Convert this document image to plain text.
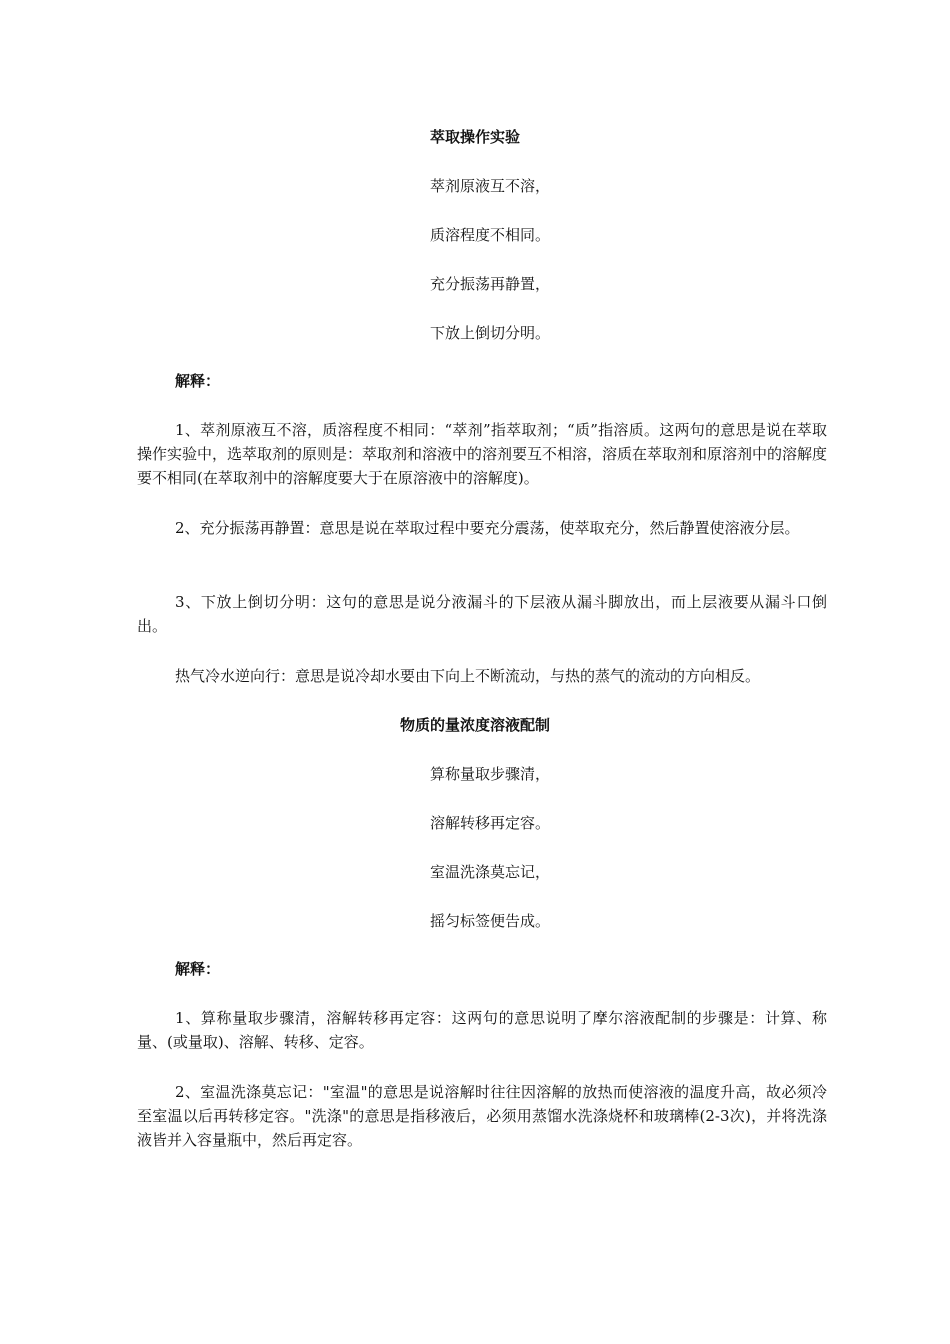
萃取操作实验
萃剂原液互不溶，
质溶程度不相同。
充分振荡再静置，
下放上倒切分明。
解释：
1、萃剂原液互不溶，质溶程度不相同：“萃剂”指萃取剂；“质”指溶质。这两句的意思是说在萃取操作实验中，选萃取剂的原则是：萃取剂和溶液中的溶剂要互不相溶，溶质在萃取剂和原溶剂中的溶解度要不相同(在萃取剂中的溶解度要大于在原溶液中的溶解度)。
2、充分振荡再静置：意思是说在萃取过程中要充分震荡，使萃取充分，然后静置使溶液分层。
3、下放上倒切分明：这句的意思是说分液漏斗的下层液从漏斗脚放出，而上层液要从漏斗口倒出。
热气冷水逆向行：意思是说冷却水要由下向上不断流动，与热的蒸气的流动的方向相反。
物质的量浓度溶液配制
算称量取步骤清，
溶解转移再定容。
室温洗涤莫忘记，
摇匀标签便告成。
解释：
1、算称量取步骤清，溶解转移再定容：这两句的意思说明了摩尔溶液配制的步骤是：计算、称量、(或量取)、溶解、转移、定容。
2、室温洗涤莫忘记："室温"的意思是说溶解时往往因溶解的放热而使溶液的温度升高，故必须冷至室温以后再转移定容。"洗涤"的意思是指移液后，必须用蒸馏水洗涤烧杯和玻璃棒(2-3次)，并将洗涤液皆并入容量瓶中，然后再定容。
